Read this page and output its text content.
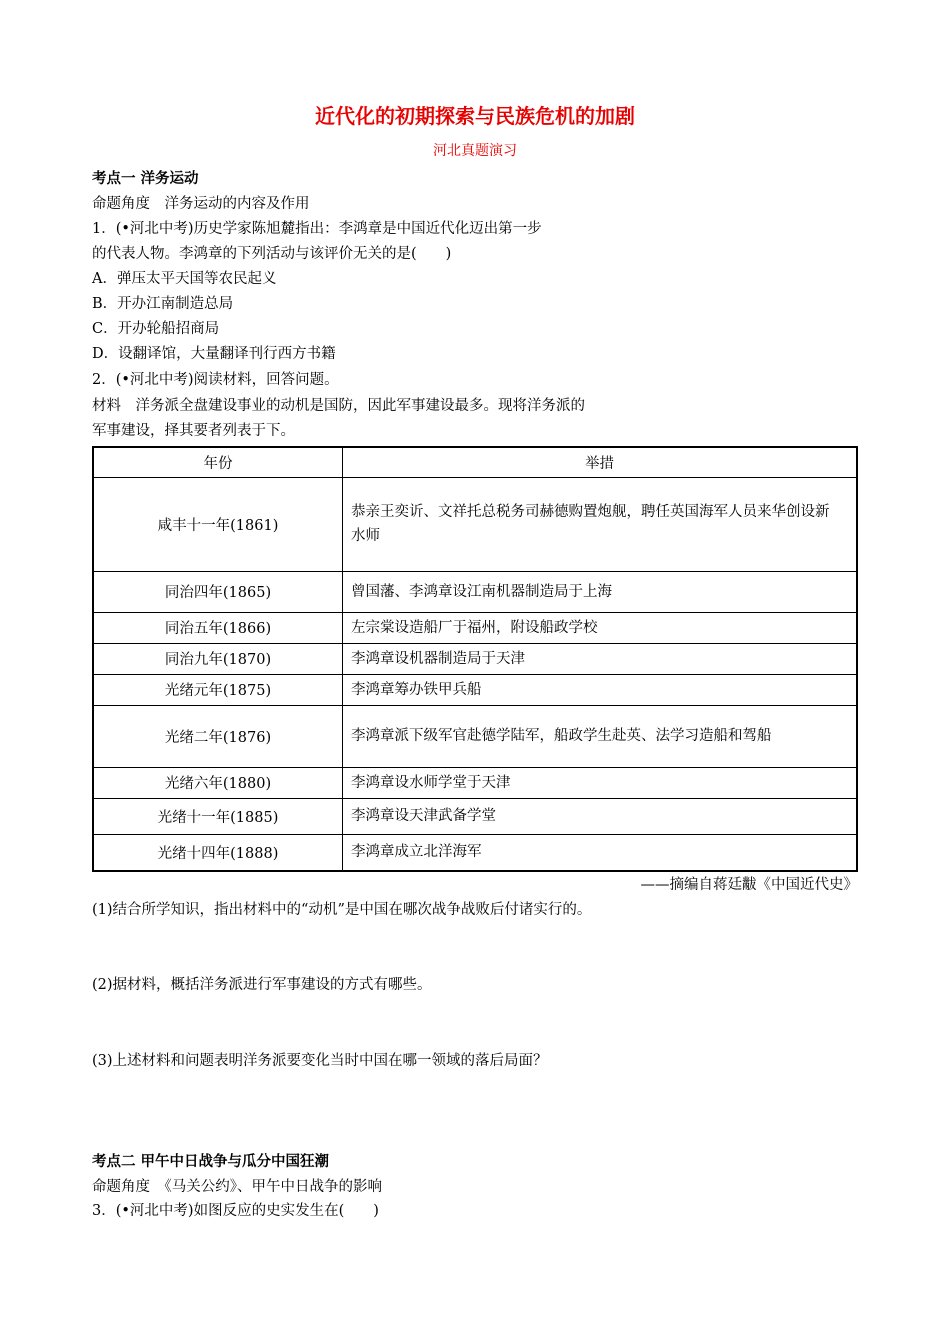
近代化的初期探索与民族危机的加剧
河北真题演习
考点一 洋务运动
命题角度　洋务运动的内容及作用
1．(•河北中考)历史学家陈旭麓指出：李鸿章是中国近代化迈出第一步
的代表人物。李鸿章的下列活动与该评价无关的是(　　)
A．弹压太平天国等农民起义
B．开办江南制造总局
C．开办轮船招商局
D．设翻译馆，大量翻译刊行西方书籍
2．(•河北中考)阅读材料，回答问题。
材料　洋务派全盘建设事业的动机是国防，因此军事建设最多。现将洋务派的
军事建设，择其要者列表于下。
年份	举措
咸丰十一年(1861)	恭亲王奕䜣、文祥托总税务司赫德购置炮舰，聘任英国海军人员来华创设新水师
同治四年(1865)	曾国藩、李鸿章设江南机器制造局于上海
同治五年(1866)	左宗棠设造船厂于福州，附设船政学校
同治九年(1870)	李鸿章设机器制造局于天津
光绪元年(1875)	李鸿章筹办铁甲兵船
光绪二年(1876)	李鸿章派下级军官赴德学陆军，船政学生赴英、法学习造船和驾船
光绪六年(1880)	李鸿章设水师学堂于天津
光绪十一年(1885)	李鸿章设天津武备学堂
光绪十四年(1888)	李鸿章成立北洋海军
——摘编自蒋廷黻《中国近代史》
(1)结合所学知识，指出材料中的“动机”是中国在哪次战争战败后付诸实行的。
(2)据材料，概括洋务派进行军事建设的方式有哪些。
(3)上述材料和问题表明洋务派要变化当时中国在哪一领域的落后局面？
考点二 甲午中日战争与瓜分中国狂潮
命题角度　《马关公约》、甲午中日战争的影响
3．(•河北中考)如图反应的史实发生在(　　)
